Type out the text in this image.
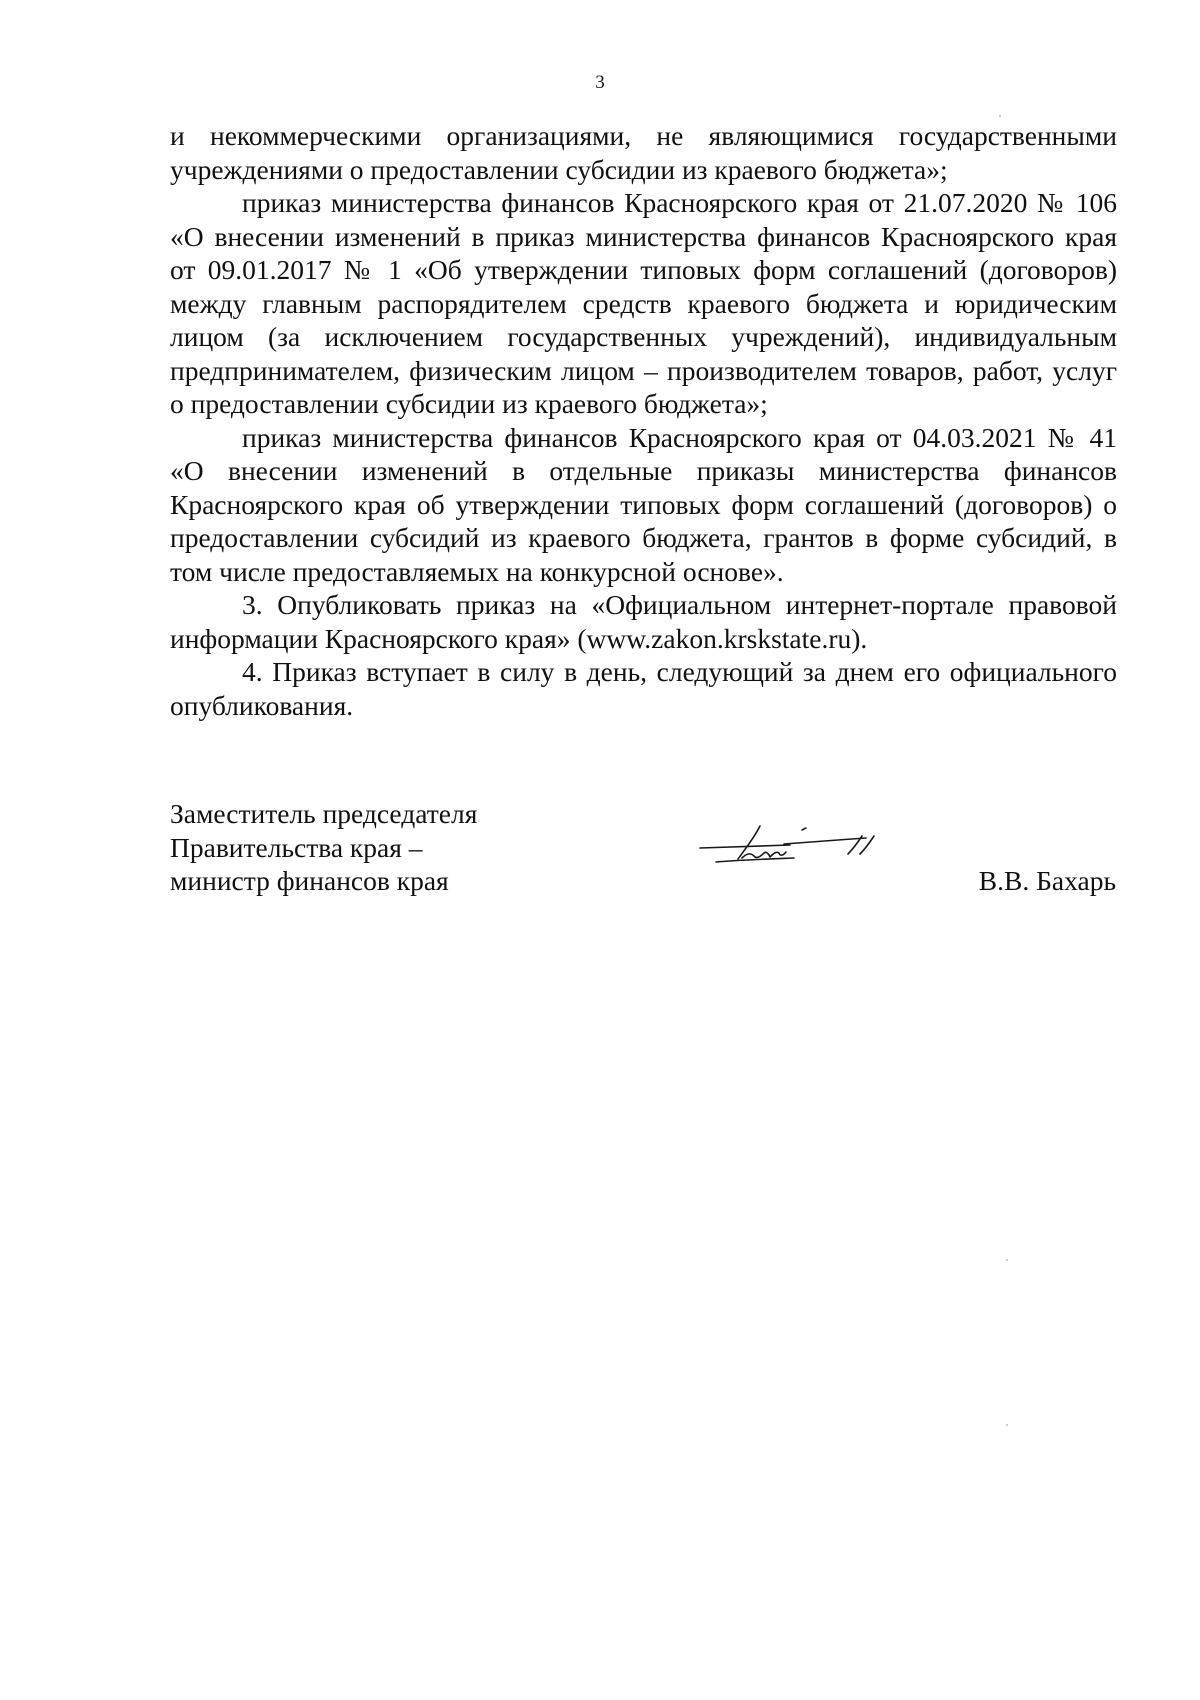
3

и некоммерческими организациями, не являющимися государственными учреждениями о предоставлении субсидии из краевого бюджета»;

приказ министерства финансов Красноярского края от 21.07.2020 № 106 «О внесении изменений в приказ министерства финансов Красноярского края от 09.01.2017 № 1 «Об утверждении типовых форм соглашений (договоров) между главным распорядителем средств краевого бюджета и юридическим лицом (за исключением государственных учреждений), индивидуальным предпринимателем, физическим лицом – производителем товаров, работ, услуг о предоставлении субсидии из краевого бюджета»;

приказ министерства финансов Красноярского края от 04.03.2021 № 41 «О внесении изменений в отдельные приказы министерства финансов Красноярского края об утверждении типовых форм соглашений (договоров) о предоставлении субсидий из краевого бюджета, грантов в форме субсидий, в том числе предоставляемых на конкурсной основе».

3. Опубликовать приказ на «Официальном интернет-портале правовой информации Красноярского края» (www.zakon.krskstate.ru).

4. Приказ вступает в силу в день, следующий за днем его официального опубликования.

Заместитель председателя
Правительства края –
министр финансов края	В.В. Бахарь
